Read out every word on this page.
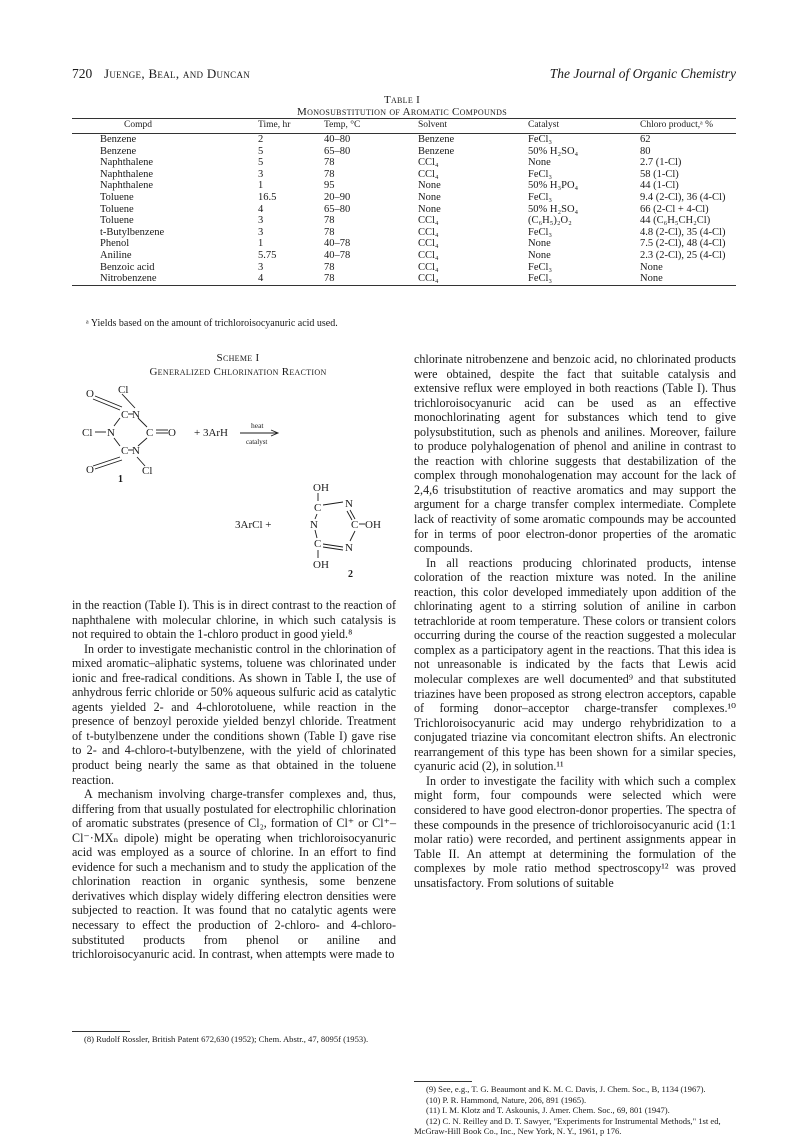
720 Juenge, Beal, and Duncan	The Journal of Organic Chemistry
Table I
Monosubstitution of Aromatic Compounds
Compd	Time, hr	Temp, °C	Solvent	Catalyst	Chloro product,ᵃ %
Benzene	2	40–80	Benzene	FeCl₃	62
Benzene	5	65–80	Benzene	50% H₂SO₄	80
Naphthalene	5	78	CCl₄	None	2.7 (1-Cl)
Naphthalene	3	78	CCl₄	FeCl₃	58 (1-Cl)
Naphthalene	1	95	None	50% H₃PO₄	44 (1-Cl)
Toluene	16.5	20–90	None	FeCl₃	9.4 (2-Cl), 36 (4-Cl)
Toluene	4	65–80	None	50% H₂SO₄	66 (2-Cl + 4-Cl)
Toluene	3	78	CCl₄	(C₆H₅)₂O₂	44 (C₆H₅CH₂Cl)
t-Butylbenzene	3	78	CCl₄	FeCl₃	4.8 (2-Cl), 35 (4-Cl)
Phenol	1	40–78	CCl₄	None	7.5 (2-Cl), 48 (4-Cl)
Aniline	5.75	40–78	CCl₄	None	2.3 (2-Cl), 25 (4-Cl)
Benzoic acid	3	78	CCl₄	FeCl₃	None
Nitrobenzene	4	78	CCl₄	FeCl₃	None
ᵃ Yields based on the amount of trichloroisocyanuric acid used.
Scheme I
Generalized Chlorination Reaction
O Cl
C N
Cl N	C O
C N
O	Cl
1
+ 3ArH
heat
catalyst
3ArCl +
OH
C N
N	C OH
C N
OH
2

in the reaction (Table I). This is in direct contrast to the reaction of naphthalene with molecular chlorine, in which such catalysis is not required to obtain the 1-chloro product in good yield.⁸

In order to investigate mechanistic control in the chlorination of mixed aromatic–aliphatic systems, toluene was chlorinated under ionic and free-radical conditions. As shown in Table I, the use of anhydrous ferric chloride or 50% aqueous sulfuric acid as catalytic agents yielded 2- and 4-chlorotoluene, while reaction in the presence of benzoyl peroxide yielded benzyl chloride. Treatment of t-butylbenzene under the conditions shown (Table I) gave rise to 2- and 4-chloro-t-butylbenzene, with the yield of chlorinated product being nearly the same as that obtained in the toluene reaction.

A mechanism involving charge-transfer complexes and, thus, differing from that usually postulated for electrophilic chlorination of aromatic substrates (presence of Cl₂, formation of Cl⁺ or Cl⁺–Cl⁻·MXₙ dipole) might be operating when trichloroisocyanuric acid was employed as a source of chlorine. In an effort to find evidence for such a mechanism and to study the application of the chlorination reaction in organic synthesis, some benzene derivatives which display widely differing electron densities were subjected to reaction. It was found that no catalytic agents were necessary to effect the production of 2-chloro- and 4-chloro-substituted products from phenol or aniline and trichloroisocyanuric acid. In contrast, when attempts were made to

(8) Rudolf Rossler, British Patent 672,630 (1952); Chem. Abstr., 47, 8095f (1953).

chlorinate nitrobenzene and benzoic acid, no chlorinated products were obtained, despite the fact that suitable catalysis and extensive reflux were employed in both reactions (Table I). Thus trichloroisocyanuric acid can be used as an effective monochlorinating agent for substances which tend to give polysubstitution, such as phenols and anilines. Moreover, failure to produce polyhalogenation of phenol and aniline in contrast to the reaction with chlorine suggests that destabilization of the complex through monohalogenation may account for the lack of 2,4,6 trisubstitution of reactive aromatics and may support the argument for a charge transfer complex intermediate. Complete lack of reactivity of some aromatic compounds may be accounted for in terms of poor electron-donor properties of the aromatic compounds.

In all reactions producing chlorinated products, intense coloration of the reaction mixture was noted. In the aniline reaction, this color developed immediately upon addition of the chlorinating agent to a stirring solution of aniline in carbon tetrachloride at room temperature. These colors or transient colors occurring during the course of the reaction suggested a molecular complex as a participatory agent in the reactions. That this idea is not unreasonable is indicated by the facts that Lewis acid molecular complexes are well documented⁹ and that substituted triazines have been proposed as strong electron acceptors, capable of forming donor–acceptor charge-transfer complexes.¹⁰ Trichloroisocyanuric acid may undergo rehybridization to a conjugated triazine via concomitant electron shifts. An electronic rearrangement of this type has been shown for a similar species, cyanuric acid (2), in solution.¹¹

In order to investigate the facility with which such a complex might form, four compounds were selected which were considered to have good electron-donor properties. The spectra of these compounds in the presence of trichloroisocyanuric acid (1:1 molar ratio) were recorded, and pertinent assignments appear in Table II. An attempt at determining the formulation of the complexes by mole ratio method spectroscopy¹² was proved unsatisfactory. From solutions of suitable

(9) See, e.g., T. G. Beaumont and K. M. C. Davis, J. Chem. Soc., B, 1134 (1967).

(10) P. R. Hammond, Nature, 206, 891 (1965).

(11) I. M. Klotz and T. Askounis, J. Amer. Chem. Soc., 69, 801 (1947).

(12) C. N. Reilley and D. T. Sawyer, "Experiments for Instrumental Methods," 1st ed, McGraw-Hill Book Co., Inc., New York, N. Y., 1961, p 176.
